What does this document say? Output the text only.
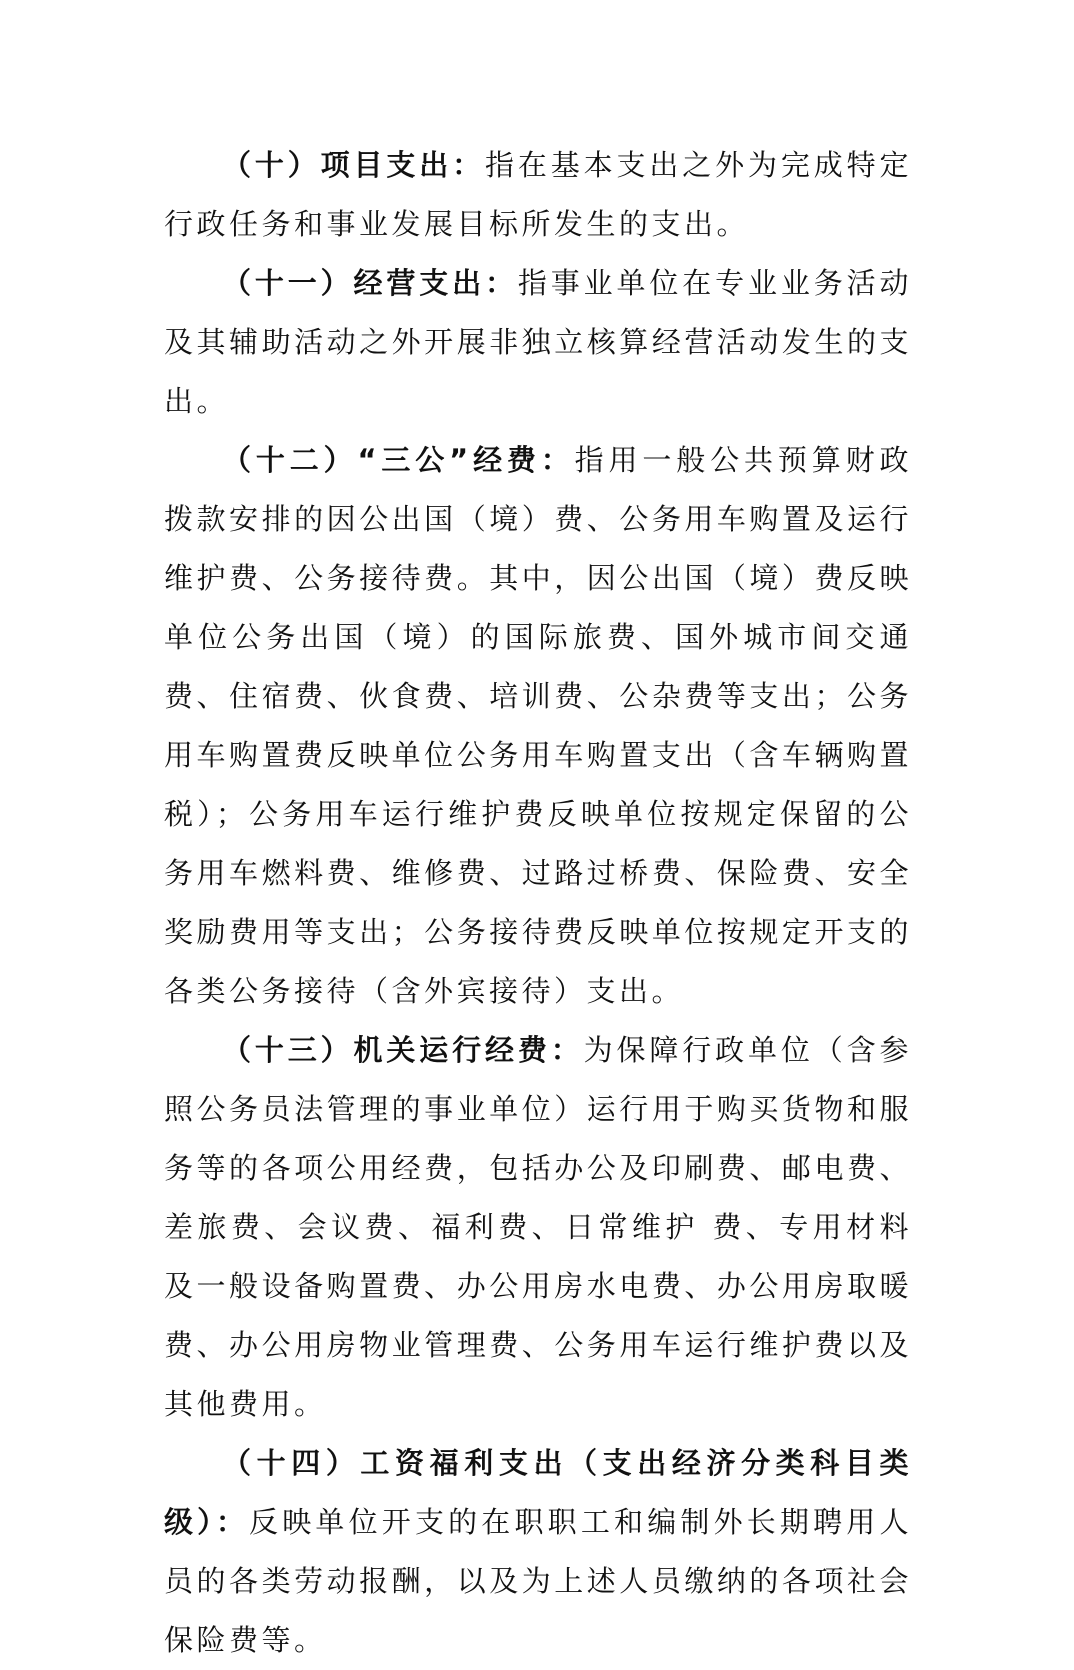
（十）项目支出：指在基本支出之外为完成特定行政任务和事业发展目标所发生的支出。

（十一）经营支出：指事业单位在专业业务活动及其辅助活动之外开展非独立核算经营活动发生的支出。

（十二）“三公”经费：指用一般公共预算财政拨款安排的因公出国（境）费、公务用车购置及运行维护费、公务接待费。其中，因公出国（境）费反映单位公务出国（境）的国际旅费、国外城市间交通费、住宿费、伙食费、培训费、公杂费等支出；公务用车购置费反映单位公务用车购置支出（含车辆购置税）；公务用车运行维护费反映单位按规定保留的公务用车燃料费、维修费、过路过桥费、保险费、安全奖励费用等支出；公务接待费反映单位按规定开支的各类公务接待（含外宾接待）支出。

（十三）机关运行经费：为保障行政单位（含参照公务员法管理的事业单位）运行用于购买货物和服务等的各项公用经费，包括办公及印刷费、邮电费、差旅费、会议费、福利费、日常维护 费、专用材料及一般设备购置费、办公用房水电费、办公用房取暖费、办公用房物业管理费、公务用车运行维护费以及其他费用。

（十四）工资福利支出（支出经济分类科目类级）：反映单位开支的在职职工和编制外长期聘用人员的各类劳动报酬，以及为上述人员缴纳的各项社会保险费等。
